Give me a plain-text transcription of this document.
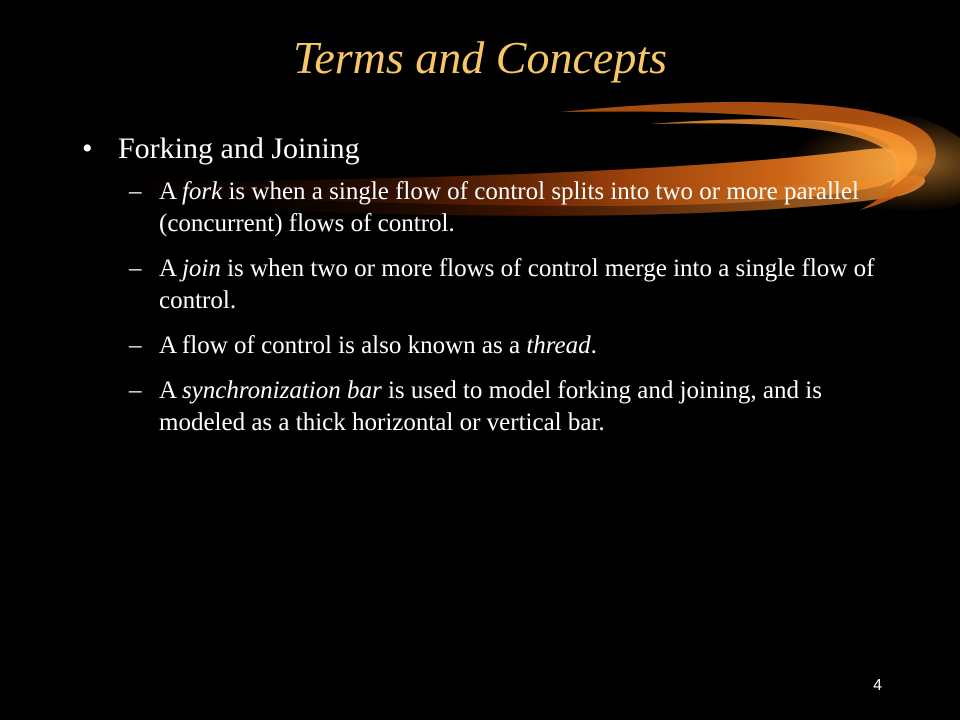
Terms and Concepts
• Forking and Joining
– A fork is when a single flow of control splits into two or more parallel (concurrent) flows of control.
– A join is when two or more flows of control merge into a single flow of control.
– A flow of control is also known as a thread.
– A synchronization bar is used to model forking and joining, and is modeled as a thick horizontal or vertical bar.
4
